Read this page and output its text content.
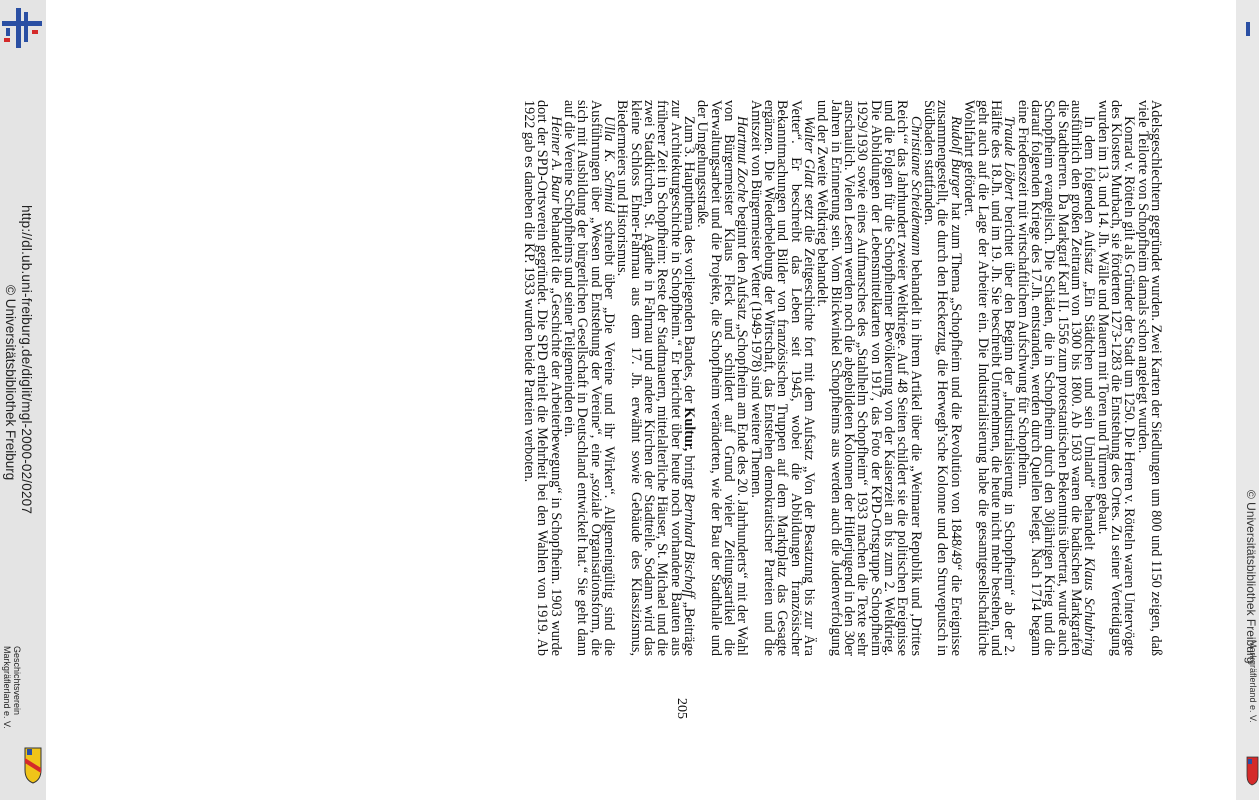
http://dl.ub.uni-freiburg.de/diglit/mgl-2000-02/0207
© Universitätsbibliothek Freiburg
Geschichtsverein
Markgräflerland e. V.
© Universitätsbibliothek Freiburg
Markgräflerland e. V.

Adelsgeschlechtern gegründet wurden. Zwei Karten der Siedlungen um 800 und 1150 zeigen, daß viele Teilorte von Schopfheim damals schon angelegt wurden.

Konrad v. Rötteln gilt als Gründer der Stadt um 1250. Die Herren v. Rötteln waren Untervögte des Klosters Murbach, sie förderten 1273-1283 die Entstehung des Ortes. Zu seiner Verteidigung wurden im 13. und 14. Jh. Wälle und Mauern mit Toren und Türmen gebaut.

In dem folgenden Aufsatz „Ein Städtchen und sein Umland“ behandelt Klaus Schubring ausführlich den großen Zeitraum von 1300 bis 1800. Ab 1503 waren die badischen Markgrafen die Stadtherren. Da Markgraf Karl II. 1556 zum protestantischen Bekenntnis übertrat, wurde auch Schopfheim evangelisch. Die Schäden, die in Schopfheim durch den 30jährigen Krieg und die darauf folgenden Kriege des 17.Jh. entstanden, werden durch Quellen belegt. Nach 1714 begann eine Friedenszeit mit wirtschaftlichem Aufschwung für Schopfheim.

Traude Löbert berichtet über den Beginn der „Industrialisierung in Schopfheim“ ab der 2. Hälfte des 18.Jh. und im 19. Jh. Sie beschreibt Unternehmen, die heute nicht mehr bestehen, und geht auch auf die Lage der Arbeiter ein. Die Industrialisierung habe die gesamtgesellschaftliche Wohlfahrt gefördert.

Rudolf Burger hat zum Thema „Schopfheim und die Revolution von 1848/49“ die Ereignisse zusammengestellt, die durch den Heckerzug, die Herwegh’sche Kolonne und den Struveputsch in Südbaden stattfanden.

Christiane Scheidemann behandelt in ihrem Artikel über die „Weimarer Republik und ‚Drittes Reich‘“ das Jahrhundert zweier Weltkriege. Auf 48 Seiten schildert sie die politischen Ereignisse und die Folgen für die Schopfheimer Bevölkerung von der Kaiserzeit an bis zum 2. Weltkrieg. Die Abbildungen der Lebensmittelkarten von 1917, das Foto der KPD-Ortsgruppe Schopfheim 1929/1930 sowie eines Aufmarsches des „Stahlhelm Schopfheim“ 1933 machen die Texte sehr anschaulich. Vielen Lesern werden noch die abgebildeten Kolonnen der Hitlerjugend in den 30er Jahren in Erinnerung sein. Vom Blickwinkel Schopfheims aus werden auch die Judenverfolgung und der Zweite Weltkrieg behandelt.

Walter Glatt setzt die Zeitgeschichte fort mit dem Aufsatz „Von der Besatzung bis zur Ära Vetter“. Er beschreibt das Leben seit 1945, wobei die Abbildungen französischer Bekanntmachungen und Bilder von französischen Truppen auf dem Marktplatz das Gesagte ergänzen. Die Wiederbelebung der Wirtschaft, das Entstehen demokratischer Parteien und die Amtszeit von Bürgermeister Vetter (1949-1978) sind weitere Themen.

Hartmut Zoche beginnt den Aufsatz „Schopfheim am Ende des 20. Jahrhunderts“ mit der Wahl von Bürgermeister Klaus Fleck und schildert auf Grund vieler Zeitungsartikel die Verwaltungsarbeit und die Projekte, die Schopfheim veränderten, wie der Bau der Stadthalle und der Umgehungsstraße.

Zum 3. Hauptthema des vorliegenden Bandes, der Kultur, bringt Bernhard Bischoff „Beiträge zur Architekturgeschichte in Schopfheim.“ Er berichtet über heute noch vorhandene Bauten aus früherer Zeit in Schopfheim: Reste der Stadtmauern, mittelalterliche Häuser, St. Michael und die zwei Stadtkirchen, St. Agathe in Fahrnau und andere Kirchen der Stadtteile. Sodann wird das kleine Schloss Ehner-Fahrnau aus dem 17. Jh. erwähnt sowie Gebäude des Klassizismus, Biedermeiers und Historismus.

Ulla K. Schmid schreibt über „Die Vereine und ihr Wirken“. Allgemeingültig sind die Ausführungen über „Wesen und Entstehung der Vereine“, eine „soziale Organisationsform, die sich mit Ausbildung der bürgerlichen Gesellschaft in Deutschland entwickelt hat.“ Sie geht dann auf die Vereine Schopfheims und seiner Teilgemeinden ein.

Heiner A. Baur behandelt die „Geschichte der Arbeiterbewegung“ in Schopfheim. 1903 wurde dort der SPD-Ortsverein gegründet. Die SPD erhielt die Mehrheit bei den Wahlen von 1919. Ab 1922 gab es daneben die KP. 1933 wurden beide Parteien verboten.

205
